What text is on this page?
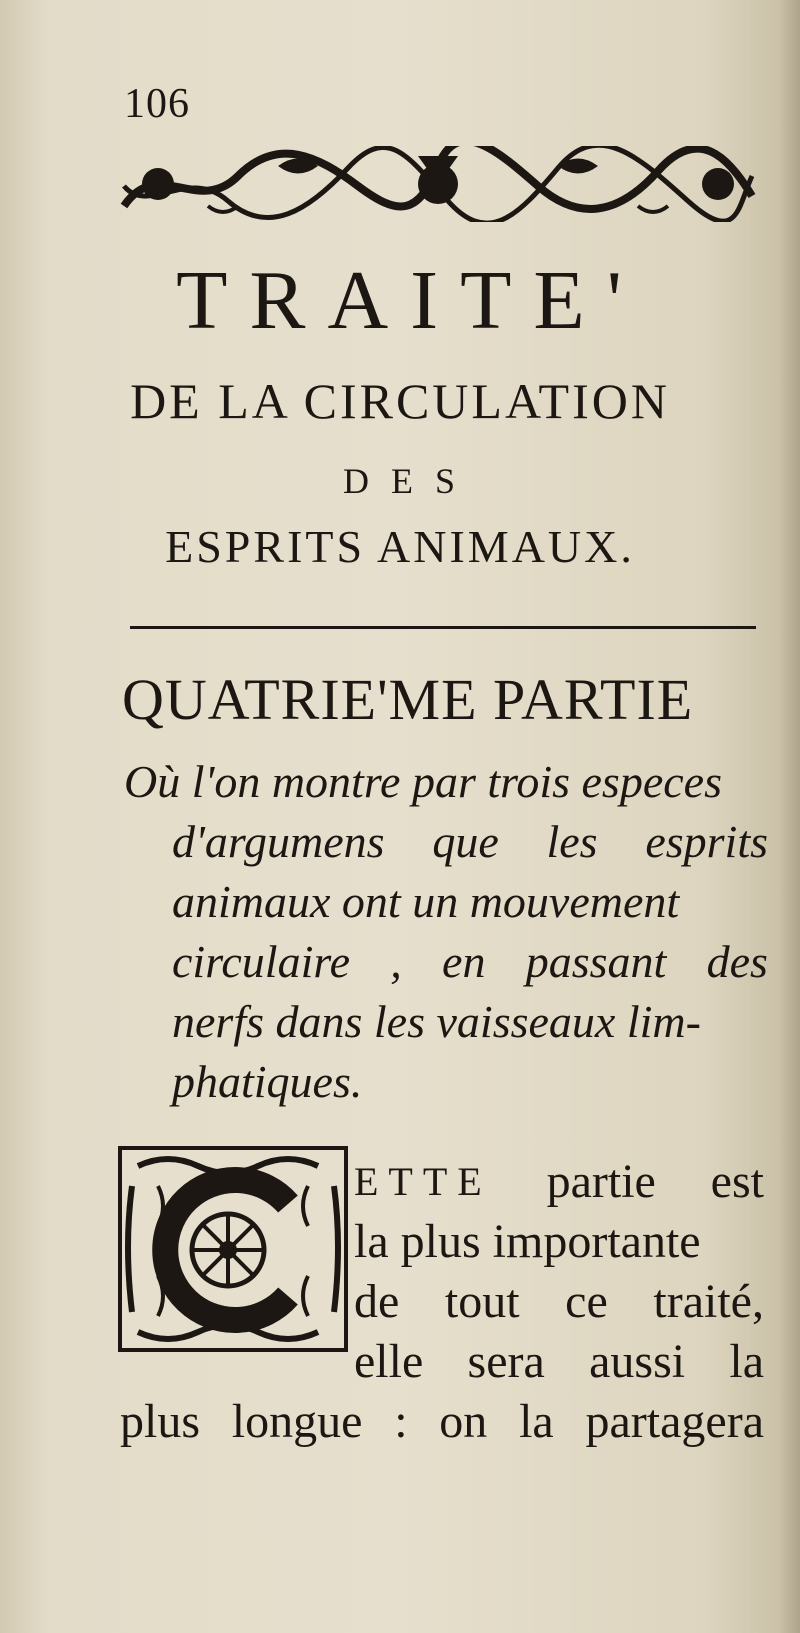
106
TRAITE'
DE LA CIRCULATION
DES
ESPRITS ANIMAUX.
QUATRIE'ME PARTIE
Où l'on montre par trois especes
d'argumens que les esprits
animaux ont un mouvement
circulaire , en passant des
nerfs dans les vaisseaux lim-
phatiques.
ETTE partie est
la plus importante
de tout ce traité,
elle sera aussi la
plus longue : on la partagera
